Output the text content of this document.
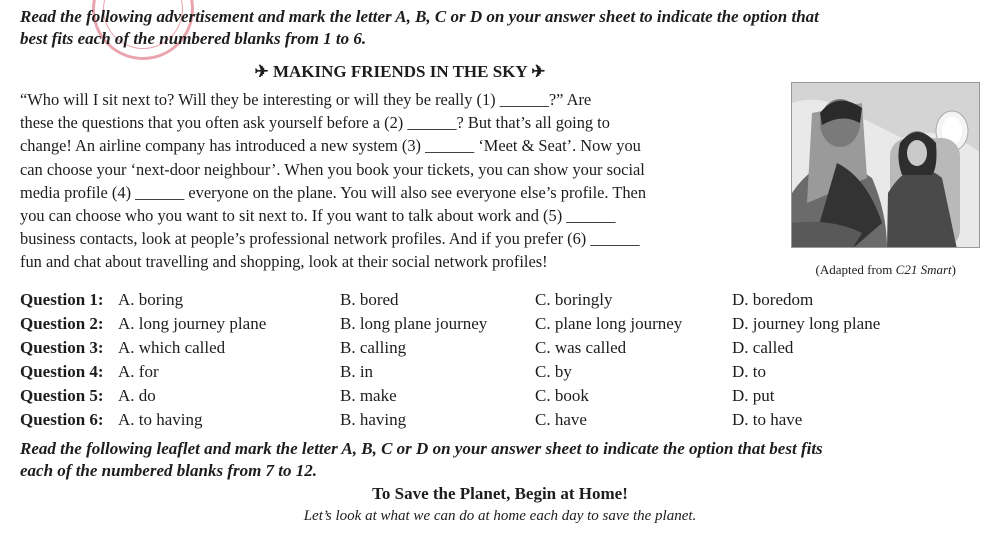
Read the following advertisement and mark the letter A, B, C or D on your answer sheet to indicate the option that

best fits each of the numbered blanks from 1 to 6.

✈ MAKING FRIENDS IN THE SKY ✈

“Who will I sit next to? Will they be interesting or will they be really (1) ______?” Are
these the questions that you often ask yourself before a (2) ______? But that’s all going to
change! An airline company has introduced a new system (3) ______ ‘Meet & Seat’. Now you
can choose your ‘next-door neighbour’. When you book your tickets, you can show your social
media profile (4) ______ everyone on the plane. You will also see everyone else’s profile. Then
you can choose who you want to sit next to. If you want to talk about work and (5) ______
business contacts, look at people’s professional network profiles. And if you prefer (6) ______
fun and chat about travelling and shopping, look at their social network profiles!	(Adapted from C21 Smart)

Question 1: A. boring	B. bored	C. boringly	D. boredom
Question 2: A. long journey plane	B. long plane journey	C. plane long journey	D. journey long plane
Question 3: A. which called	B. calling	C. was called	D. called
Question 4: A. for	B. in	C. by	D. to
Question 5: A. do	B. make	C. book	D. put
Question 6: A. to having	B. having	C. have	D. to have

Read the following leaflet and mark the letter A, B, C or D on your answer sheet to indicate the option that best fits

each of the numbered blanks from 7 to 12.

To Save the Planet, Begin at Home!

Let’s look at what we can do at home each day to save the planet.
